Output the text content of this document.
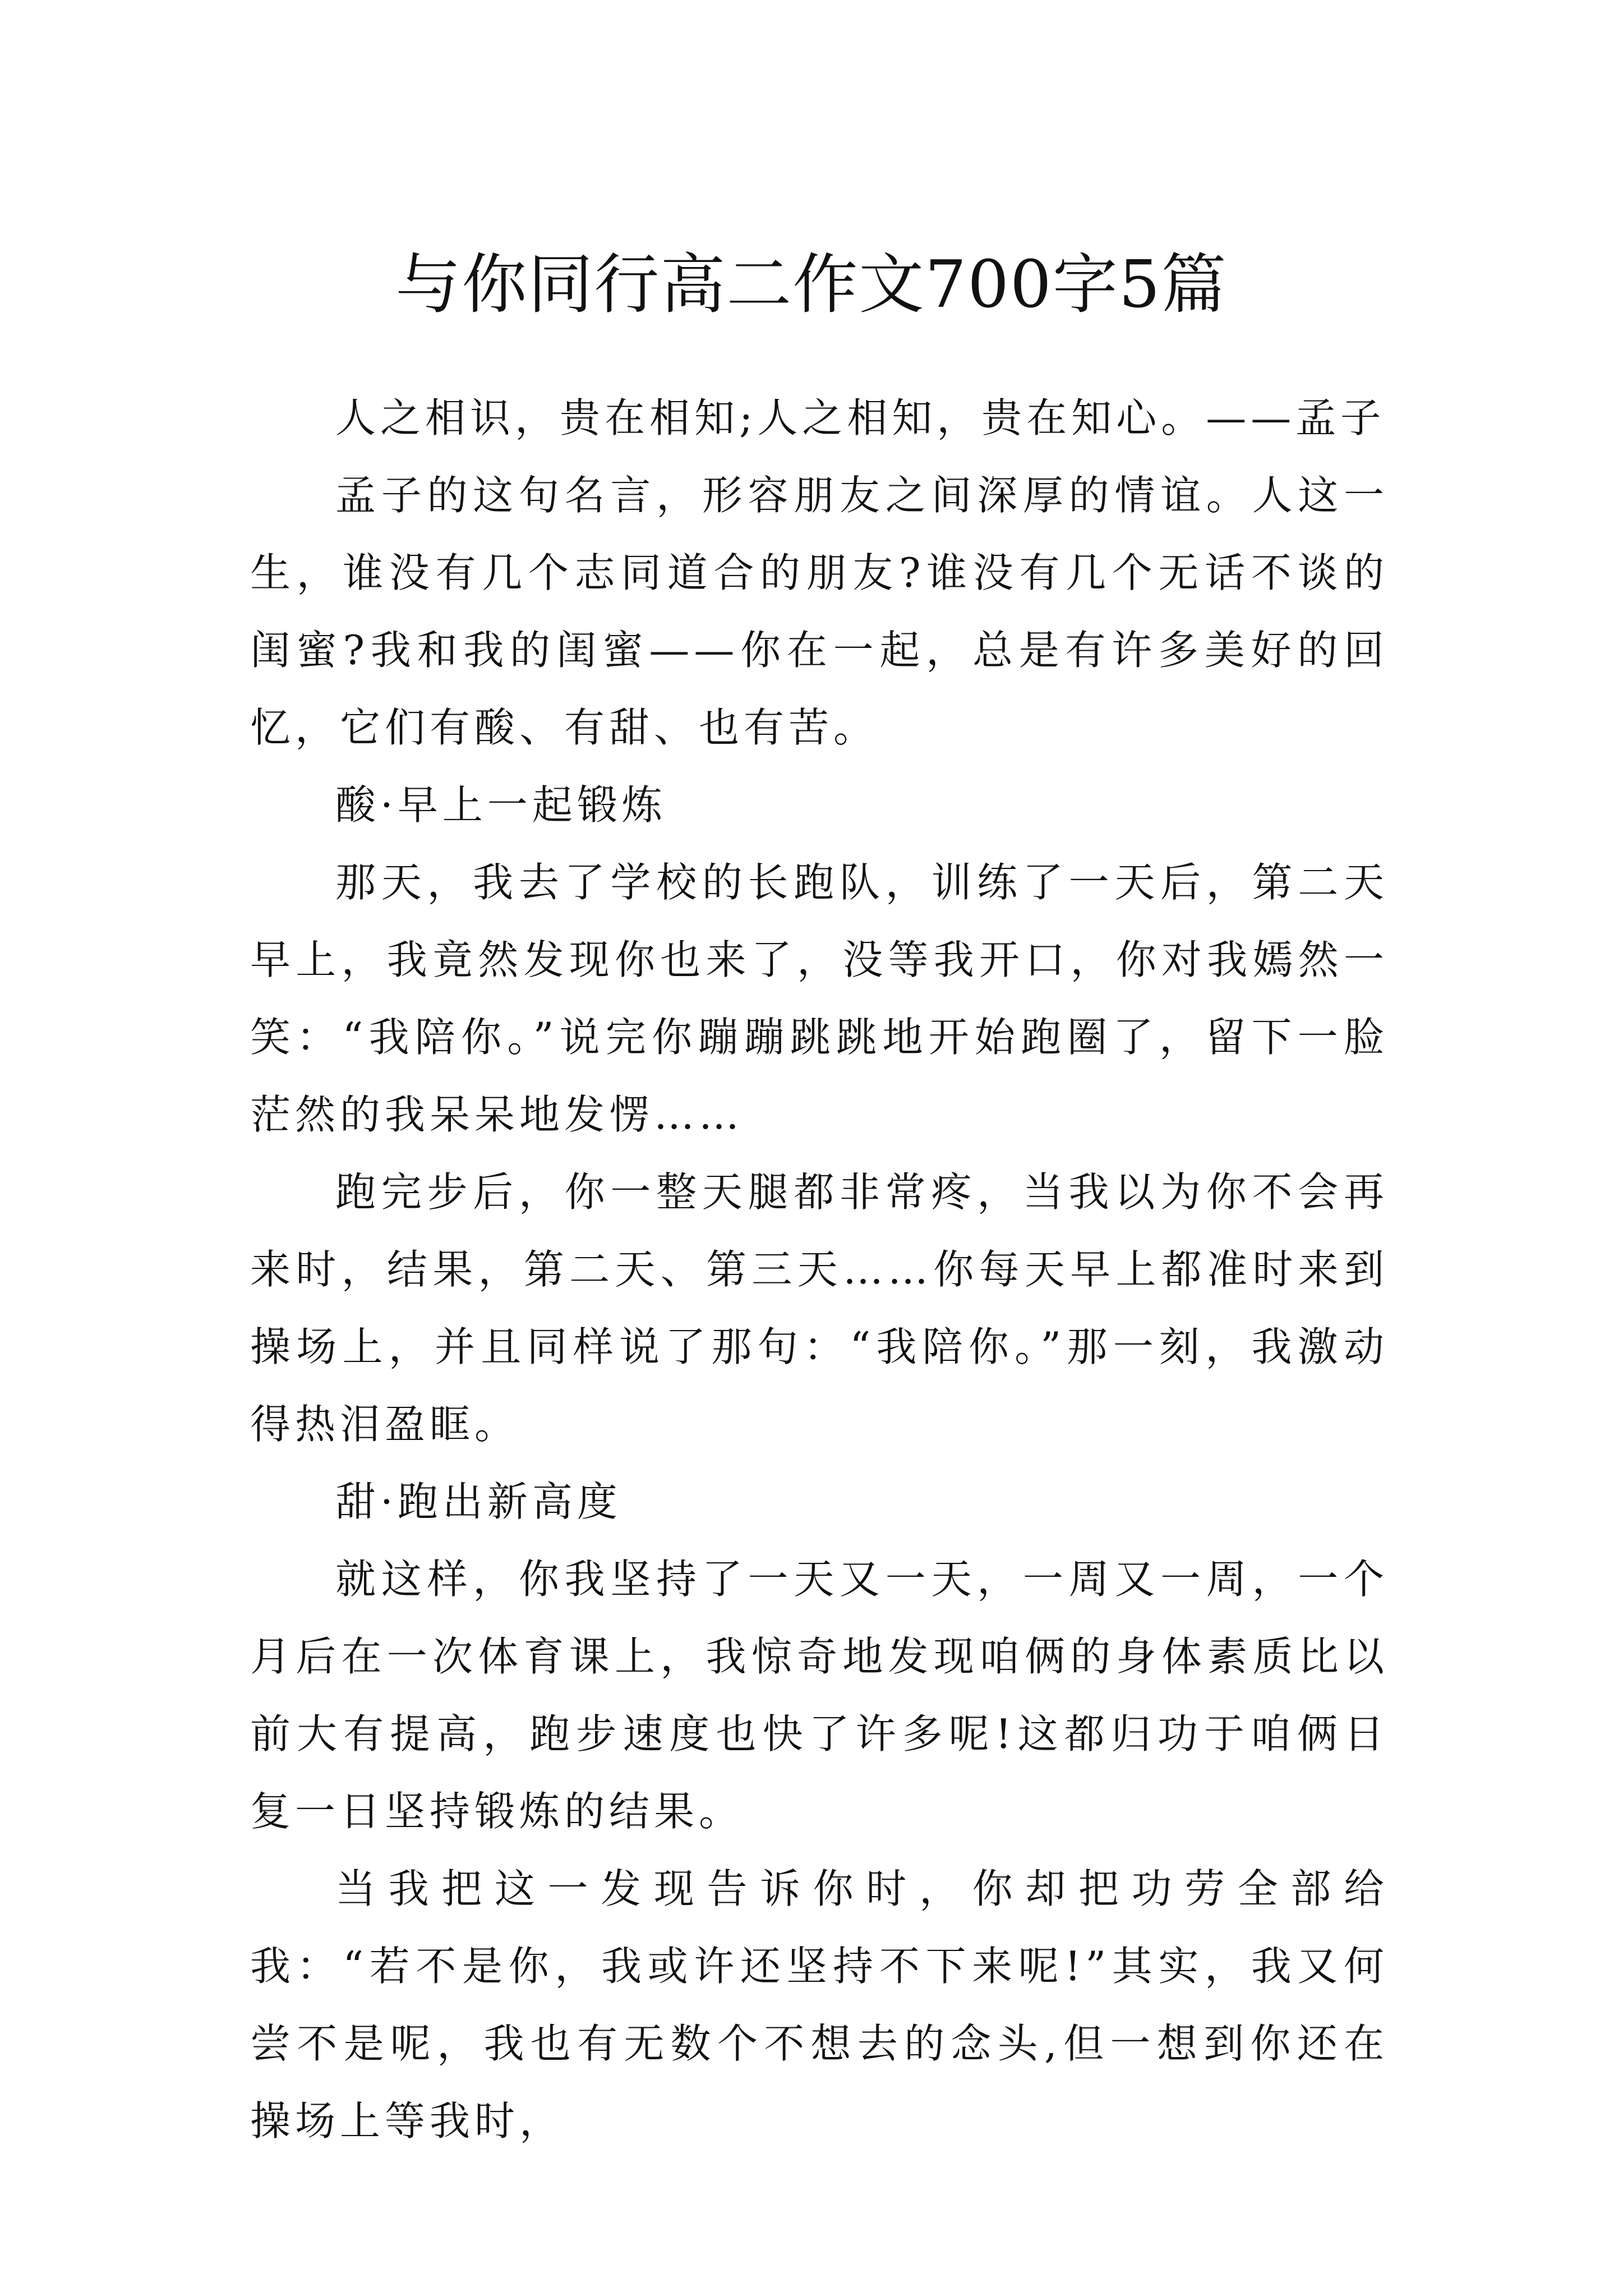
与你同行高二作文700字5篇

人之相识，贵在相知;人之相知，贵在知心。——孟子

孟子的这句名言，形容朋友之间深厚的情谊。人这一生，谁没有几个志同道合的朋友?谁没有几个无话不谈的闺蜜?我和我的闺蜜——你在一起，总是有许多美好的回忆，它们有酸、有甜、也有苦。

酸·早上一起锻炼

那天，我去了学校的长跑队，训练了一天后，第二天早上，我竟然发现你也来了，没等我开口，你对我嫣然一笑：“我陪你。”说完你蹦蹦跳跳地开始跑圈了，留下一脸茫然的我呆呆地发愣……

跑完步后，你一整天腿都非常疼，当我以为你不会再来时，结果，第二天、第三天……你每天早上都准时来到操场上，并且同样说了那句：“我陪你。”那一刻，我激动得热泪盈眶。

甜·跑出新高度

就这样，你我坚持了一天又一天，一周又一周，一个月后在一次体育课上，我惊奇地发现咱俩的身体素质比以前大有提高，跑步速度也快了许多呢!这都归功于咱俩日复一日坚持锻炼的结果。

当我把这一发现告诉你时，你却把功劳全部给我：“若不是你，我或许还坚持不下来呢!”其实，我又何尝不是呢，我也有无数个不想去的念头,但一想到你还在操场上等我时，
